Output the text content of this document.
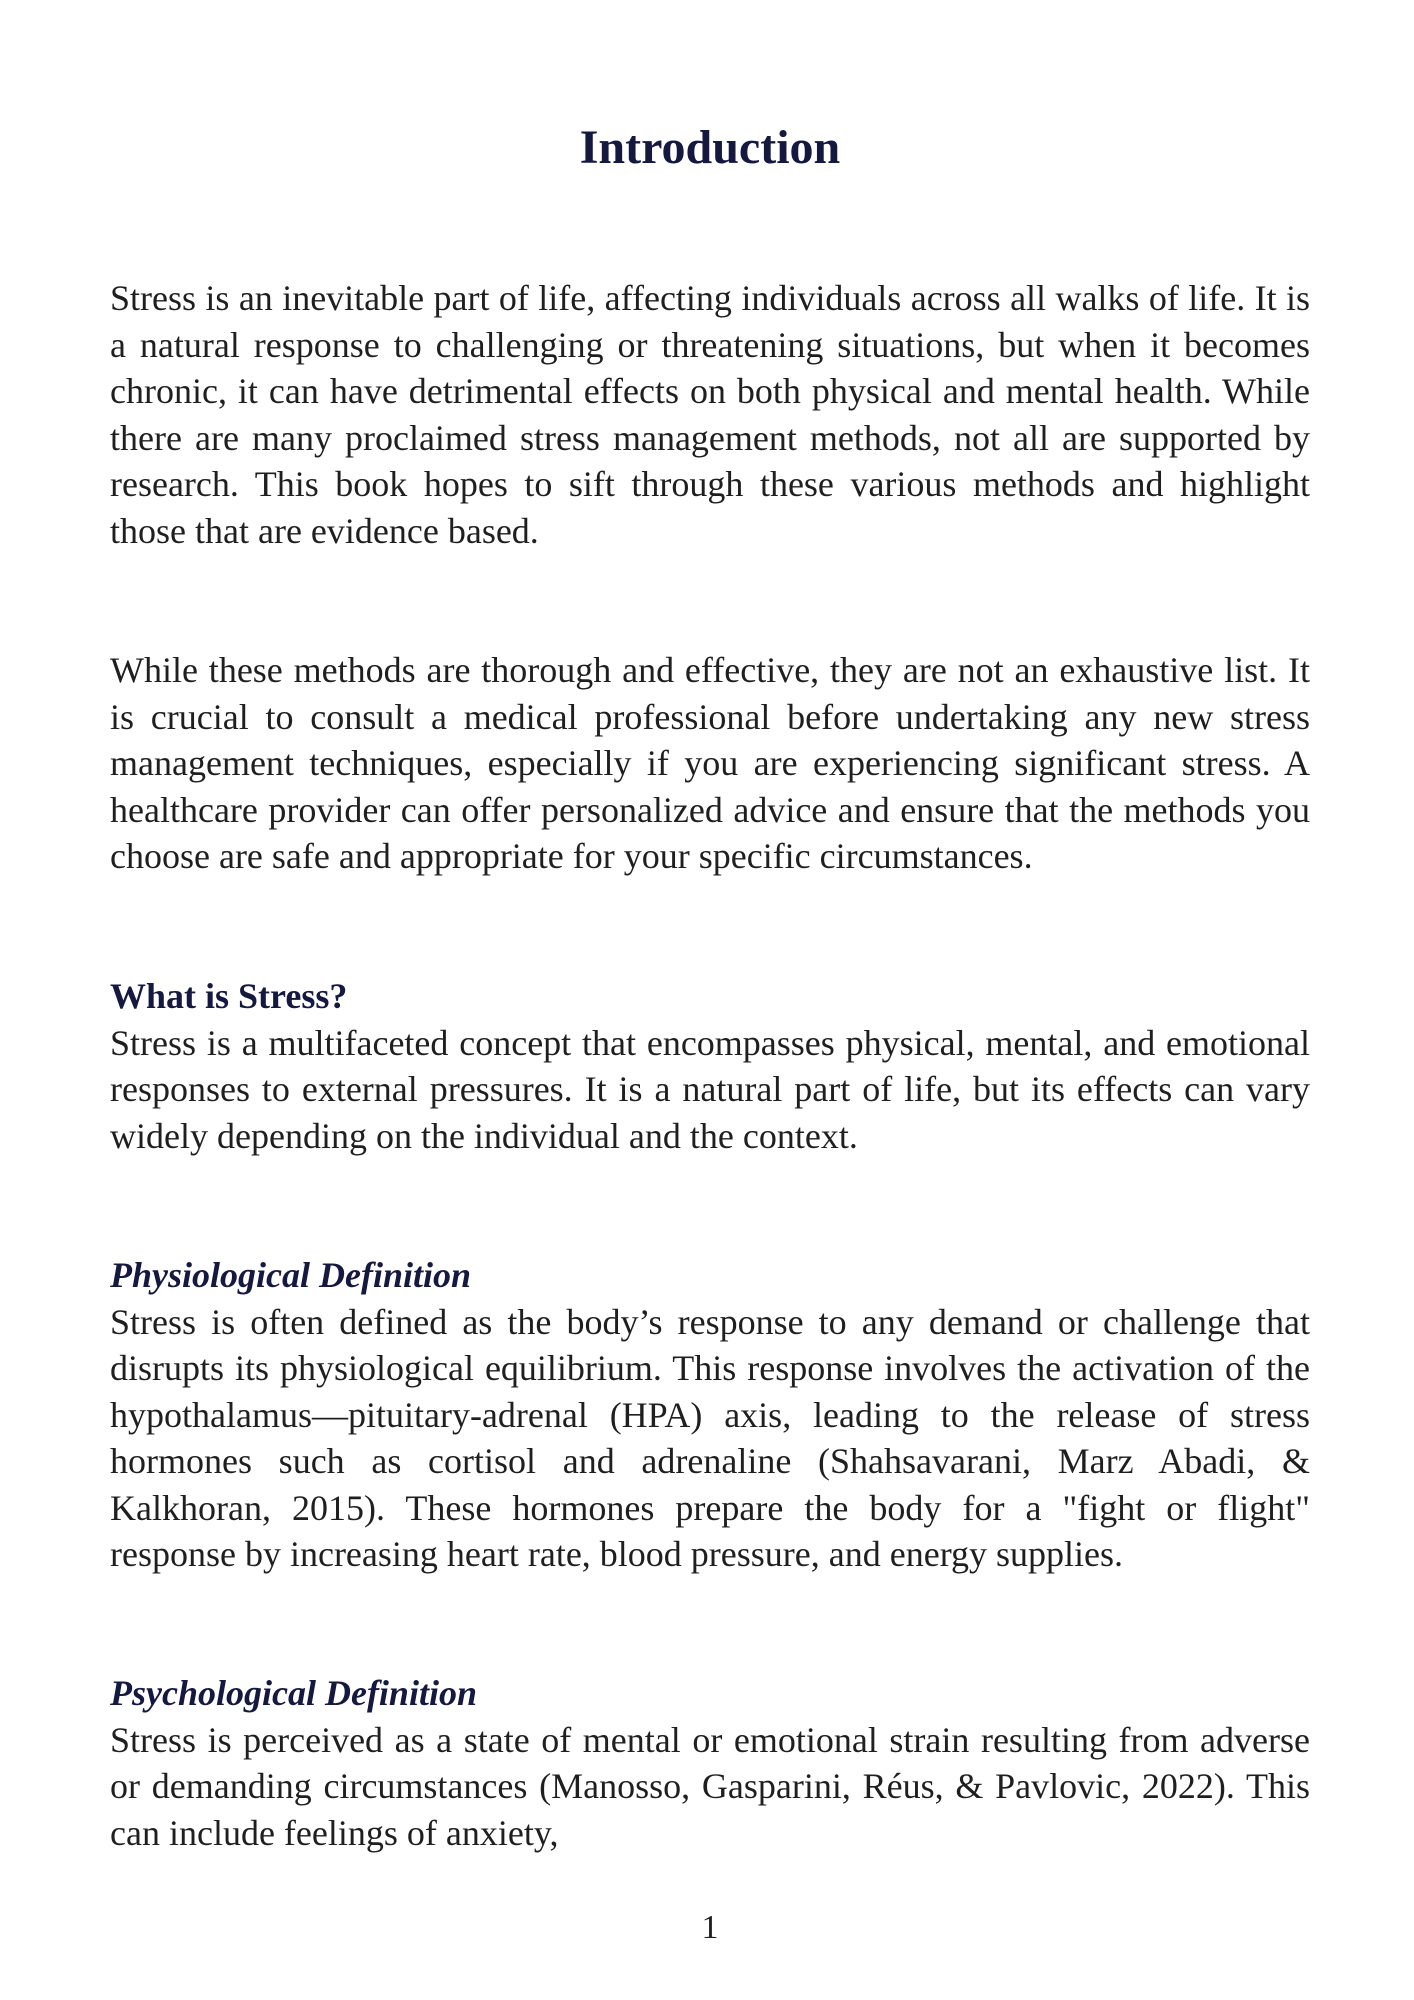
Introduction

Stress is an inevitable part of life, affecting individuals across all walks of life. It is a natural response to challenging or threatening situations, but when it becomes chronic, it can have detrimental effects on both physical and mental health. While there are many proclaimed stress management methods, not all are supported by research. This book hopes to sift through these various methods and highlight those that are evidence based.

While these methods are thorough and effective, they are not an exhaustive list. It is crucial to consult a medical professional before undertaking any new stress management techniques, especially if you are experiencing significant stress. A healthcare provider can offer personalized advice and ensure that the methods you choose are safe and appropriate for your specific circumstances.

What is Stress?

Stress is a multifaceted concept that encompasses physical, mental, and emotional responses to external pressures. It is a natural part of life, but its effects can vary widely depending on the individual and the context.

Physiological Definition

Stress is often defined as the body’s response to any demand or challenge that disrupts its physiological equilibrium. This response involves the activation of the hypothalamus—pituitary-adrenal (HPA) axis, leading to the release of stress hormones such as cortisol and adrenaline (Shahsavarani, Marz Abadi, & Kalkhoran, 2015). These hormones prepare the body for a "fight or flight" response by increasing heart rate, blood pressure, and energy supplies.

Psychological Definition

Stress is perceived as a state of mental or emotional strain resulting from adverse or demanding circumstances (Manosso, Gasparini, Réus, & Pavlovic, 2022). This can include feelings of anxiety,

1
